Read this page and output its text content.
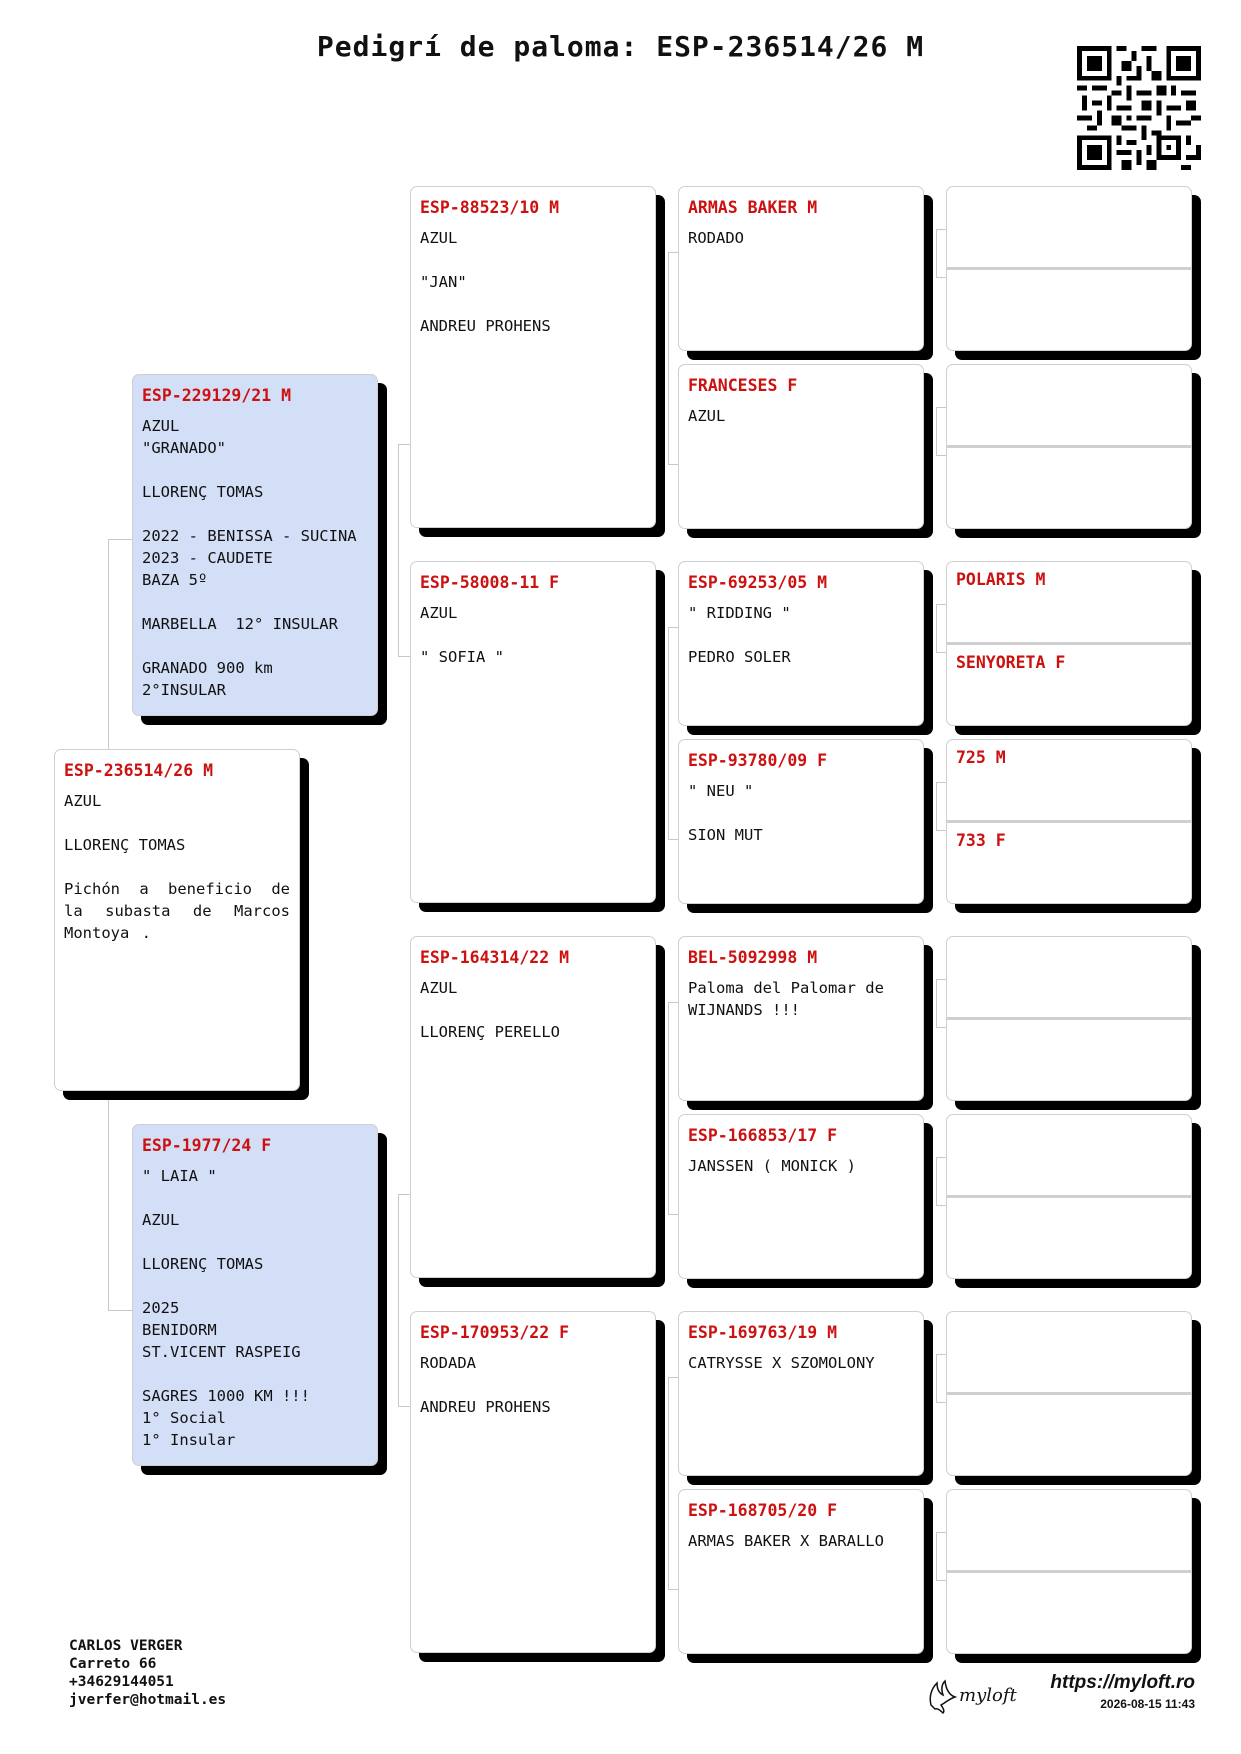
Pedigrí de paloma: ESP-236514/26 M
ESP-236514/26 M
AZUL
LLORENÇ TOMAS
Pichón a beneficio de la subasta de Marcos Montoya .
ESP-229129/21 M
AZUL
"GRANADO"
LLORENÇ TOMAS
2022 - BENISSA - SUCINA
2023 - CAUDETE
BAZA 5º
MARBELLA  12° INSULAR
GRANADO 900 km
2°INSULAR
ESP-1977/24 F
" LAIA "
AZUL
LLORENÇ TOMAS
2025
BENIDORM
ST.VICENT RASPEIG
SAGRES 1000 KM !!!
1° Social
1° Insular
ESP-88523/10 M
AZUL
"JAN"
ANDREU PROHENS
ESP-58008-11 F
AZUL
" SOFIA "
ESP-164314/22 M
AZUL
LLORENÇ PERELLO
ESP-170953/22 F
RODADA
ANDREU PROHENS
ARMAS BAKER M
RODADO
FRANCESES F
AZUL
ESP-69253/05 M
" RIDDING "
PEDRO SOLER
ESP-93780/09 F
" NEU "
SION MUT
BEL-5092998 M
Paloma del Palomar de
WIJNANDS !!!
ESP-166853/17 F
JANSSEN ( MONICK )
ESP-169763/19 M
CATRYSSE X SZOMOLONY
ESP-168705/20 F
ARMAS BAKER X BARALLO
POLARIS M
SENYORETA F
725 M
733 F
CARLOS VERGER
Carreto 66
+34629144051
jverfer@hotmail.es	myloft
https://myloft.ro
2026-08-15 11:43
